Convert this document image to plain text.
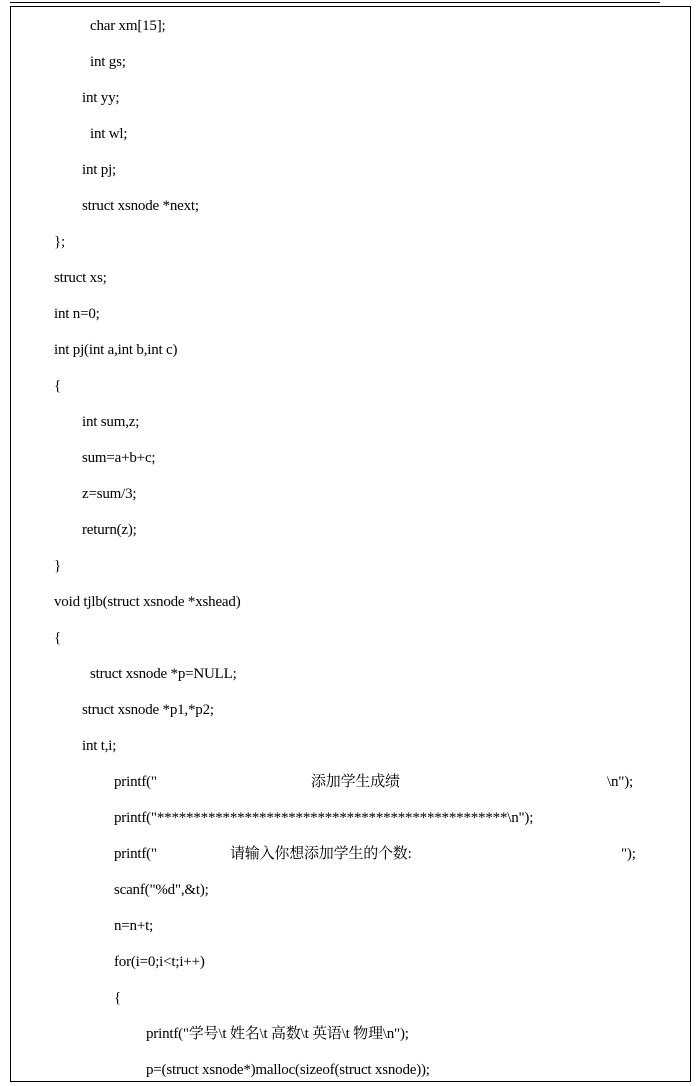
char xm[15];
int gs;
int yy;
int wl;
int pj;
struct xsnode *next;
};
struct xs;
int n=0;
int pj(int a,int b,int c)
{
int sum,z;
sum=a+b+c;
z=sum/3;
return(z);
}
void tjlb(struct xsnode *xshead)
{
struct xsnode *p=NULL;
struct xsnode *p1,*p2;
int t,i;

printf("

	添加学生成绩

	\n");

printf("************************************************\n");

printf("

	请输入你想添加学生的个数:

	");

scanf("%d",&t);
n=n+t;
for(i=0;i<t;i++)
{
printf("学号\t 姓名\t 高数\t 英语\t 物理\n");
p=(struct xsnode*)malloc(sizeof(struct xsnode));
